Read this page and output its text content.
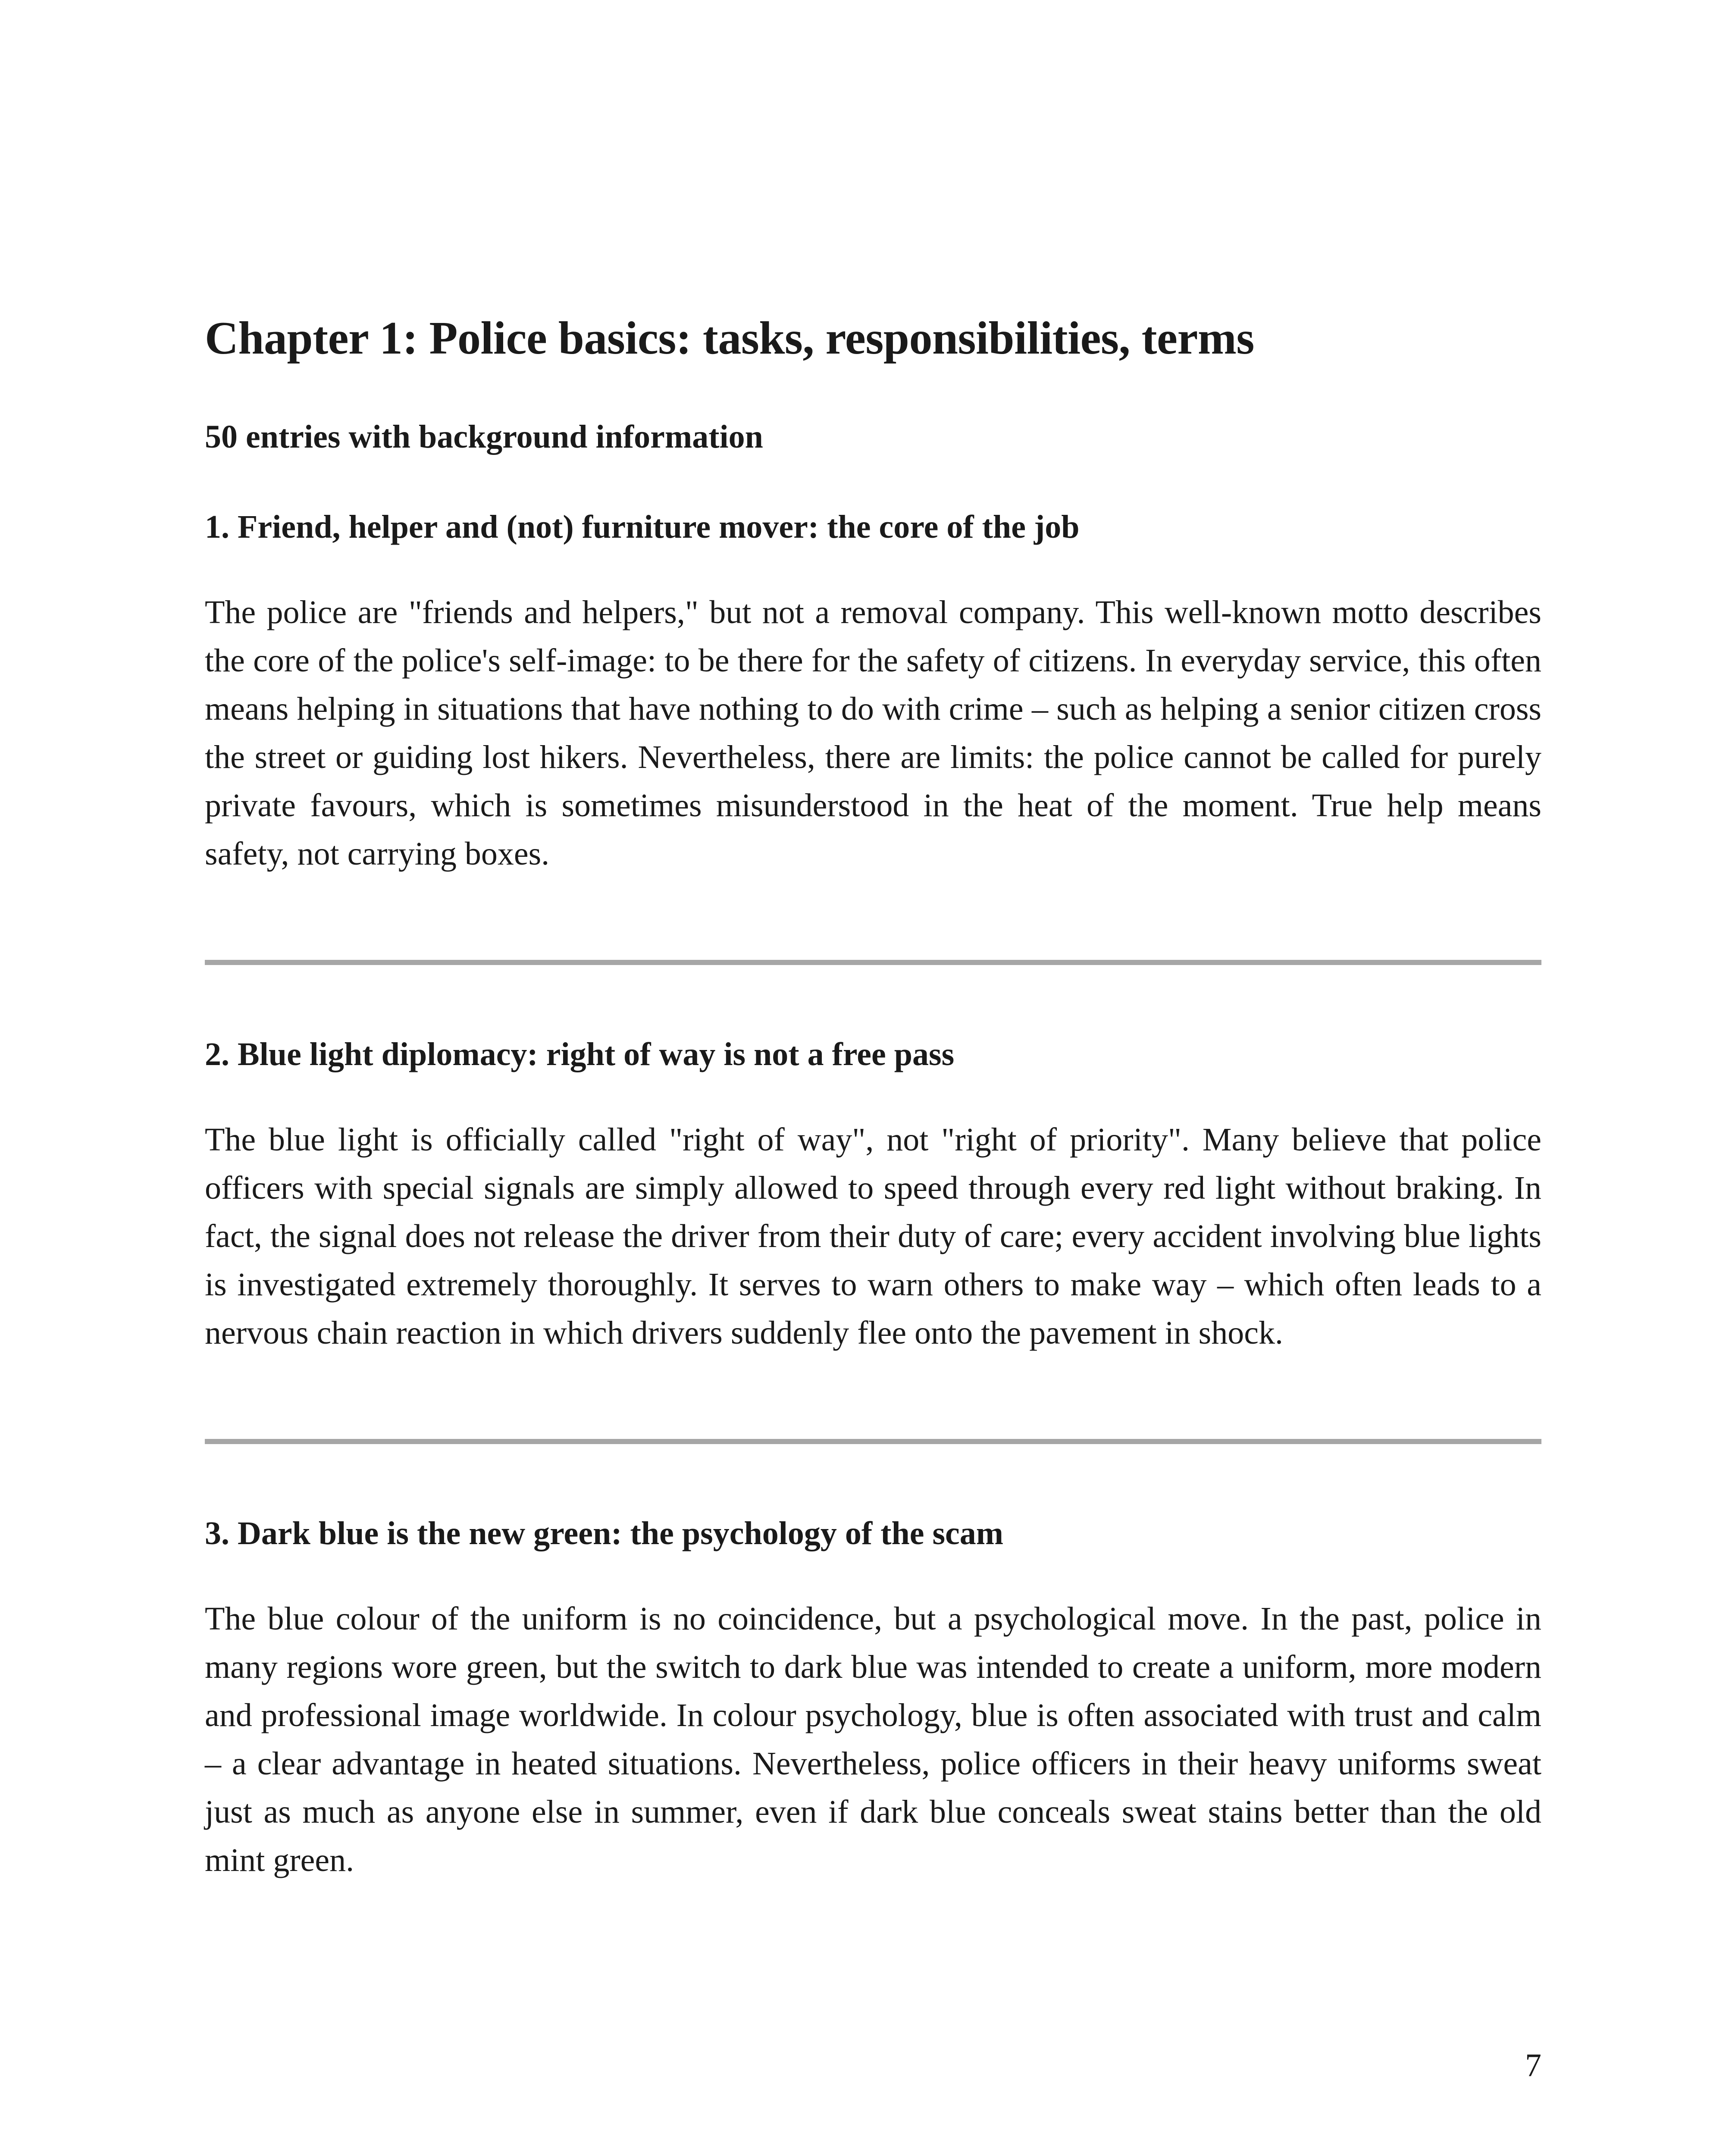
Chapter 1: Police basics: tasks, responsibilities, terms

50 entries with background information

1. Friend, helper and (not) furniture mover: the core of the job

The police are "friends and helpers," but not a removal company. This well-known motto describes the core of the police's self-image: to be there for the safety of citizens. In everyday service, this often means helping in situations that have nothing to do with crime – such as helping a senior citizen cross the street or guiding lost hikers. Nevertheless, there are limits: the police cannot be called for purely private favours, which is sometimes misunderstood in the heat of the moment. True help means safety, not carrying boxes.

2. Blue light diplomacy: right of way is not a free pass

The blue light is officially called "right of way", not "right of priority". Many believe that police officers with special signals are simply allowed to speed through every red light without braking. In fact, the signal does not release the driver from their duty of care; every accident involving blue lights is investigated extremely thoroughly. It serves to warn others to make way – which often leads to a nervous chain reaction in which drivers suddenly flee onto the pavement in shock.

3. Dark blue is the new green: the psychology of the scam

The blue colour of the uniform is no coincidence, but a psychological move. In the past, police in many regions wore green, but the switch to dark blue was intended to create a uniform, more modern and professional image worldwide. In colour psychology, blue is often associated with trust and calm – a clear advantage in heated situations. Nevertheless, police officers in their heavy uniforms sweat just as much as anyone else in summer, even if dark blue conceals sweat stains better than the old mint green.

7
